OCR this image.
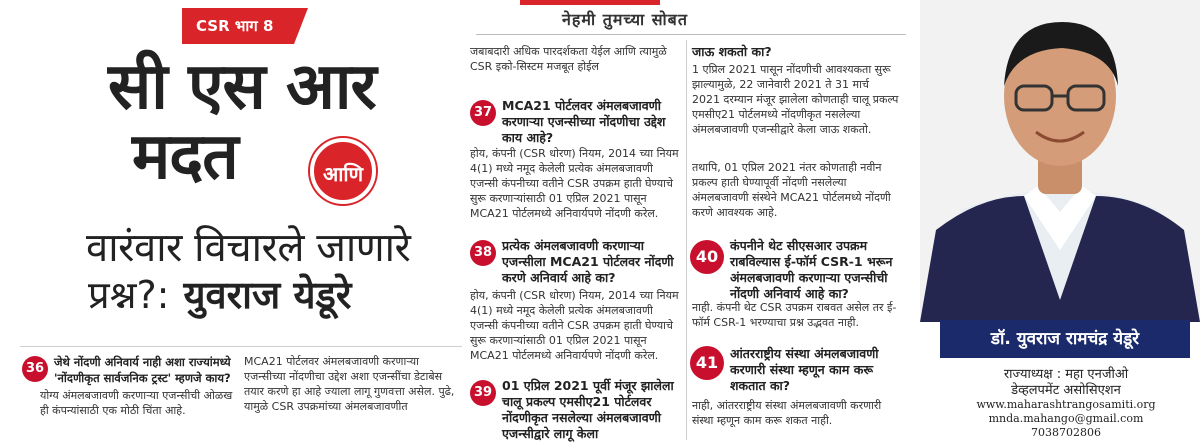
CSR भाग 8
सी एस आर
मदत	आणि
वारंवार विचारले जाणारे
प्रश्न?: युवराज येडूरे
नेहमी तुमच्या सोबत
जबाबदारी अधिक पारदर्शकता येईल आणि त्यामुळे CSR इको-सिस्टम मजबूत होईल
37 MCA21 पोर्टलवर अंमलबजावणी करणाऱ्या एजन्सीच्या नोंदणीचा उद्देश काय आहे?
होय, कंपनी (CSR धोरण) नियम, 2014 च्या नियम 4(1) मध्ये नमूद केलेली प्रत्येक अंमलबजावणी एजन्सी कंपनीच्या वतीने CSR उपक्रम हाती घेण्याचे सुरू करणाऱ्यांसाठी 01 एप्रिल 2021 पासून MCA21 पोर्टलमध्ये अनिवार्यपणे नोंदणी करेल.
38 प्रत्येक अंमलबजावणी करणाऱ्या एजन्सीला MCA21 पोर्टलवर नोंदणी करणे अनिवार्य आहे का?
होय, कंपनी (CSR धोरण) नियम, 2014 च्या नियम 4(1) मध्ये नमूद केलेली प्रत्येक अंमलबजावणी एजन्सी कंपनीच्या वतीने CSR उपक्रम हाती घेण्याचे सुरू करणाऱ्यांसाठी 01 एप्रिल 2021 पासून MCA21 पोर्टलमध्ये अनिवार्यपणे नोंदणी करेल.
39 01 एप्रिल 2021 पूर्वी मंजूर झालेला चालू प्रकल्प एमसीए21 पोर्टलवर नोंदणीकृत नसलेल्या अंमलबजावणी एजन्सीद्वारे लागू केला
जाऊ शकतो का?
1 एप्रिल 2021 पासून नोंदणीची आवश्यकता सुरू झाल्यामुळे, 22 जानेवारी 2021 ते 31 मार्च 2021 दरम्यान मंजूर झालेला कोणताही चालू प्रकल्प एमसीए21 पोर्टलमध्ये नोंदणीकृत नसलेल्या अंमलबजावणी एजन्सीद्वारे केला जाऊ शकतो.
तथापि, 01 एप्रिल 2021 नंतर कोणताही नवीन प्रकल्प हाती घेण्यापूर्वी नोंदणी नसलेल्या अंमलबजावणी संस्थेने MCA21 पोर्टलमध्ये नोंदणी करणे आवश्यक आहे.
40
कंपनीने थेट सीएसआर उपक्रम राबविल्यास ई-फॉर्म CSR-1 भरून अंमलबजावणी करणाऱ्या एजन्सीची नोंदणी अनिवार्य आहे का?
नाही. कंपनी थेट CSR उपक्रम राबवत असेल तर ई-फॉर्म CSR-1 भरण्याचा प्रश्न उद्भवत नाही.
41 आंतरराष्ट्रीय संस्था अंमलबजावणी करणारी संस्था म्हणून काम करू शकतात का?
नाही, आंतरराष्ट्रीय संस्था अंमलबजावणी करणारी संस्था म्हणून काम करू शकत नाही.
36 जेथे नोंदणी अनिवार्य नाही अशा राज्यांमध्ये 'नोंदणीकृत सार्वजनिक ट्रस्ट' म्हणजे काय?
योग्य अंमलबजावणी करणाऱ्या एजन्सीची ओळख ही कंपन्यांसाठी एक मोठी चिंता आहे.
MCA21 पोर्टलवर अंमलबजावणी करणाऱ्या एजन्सीच्या नोंदणीचा उद्देश अशा एजन्सींचा डेटाबेस तयार करणे हा आहे ज्याला लागू गुणवत्ता असेल. पुढे, यामुळे CSR उपक्रमांच्या अंमलबजावणीत
डॉ. युवराज रामचंद्र येडूरे
राज्याध्यक्ष : महा एनजीओ
डेव्हलपमेंट असोसिएशन
www.maharashtrangosamiti.org
mnda.mahango@gmail.com
7038702806
